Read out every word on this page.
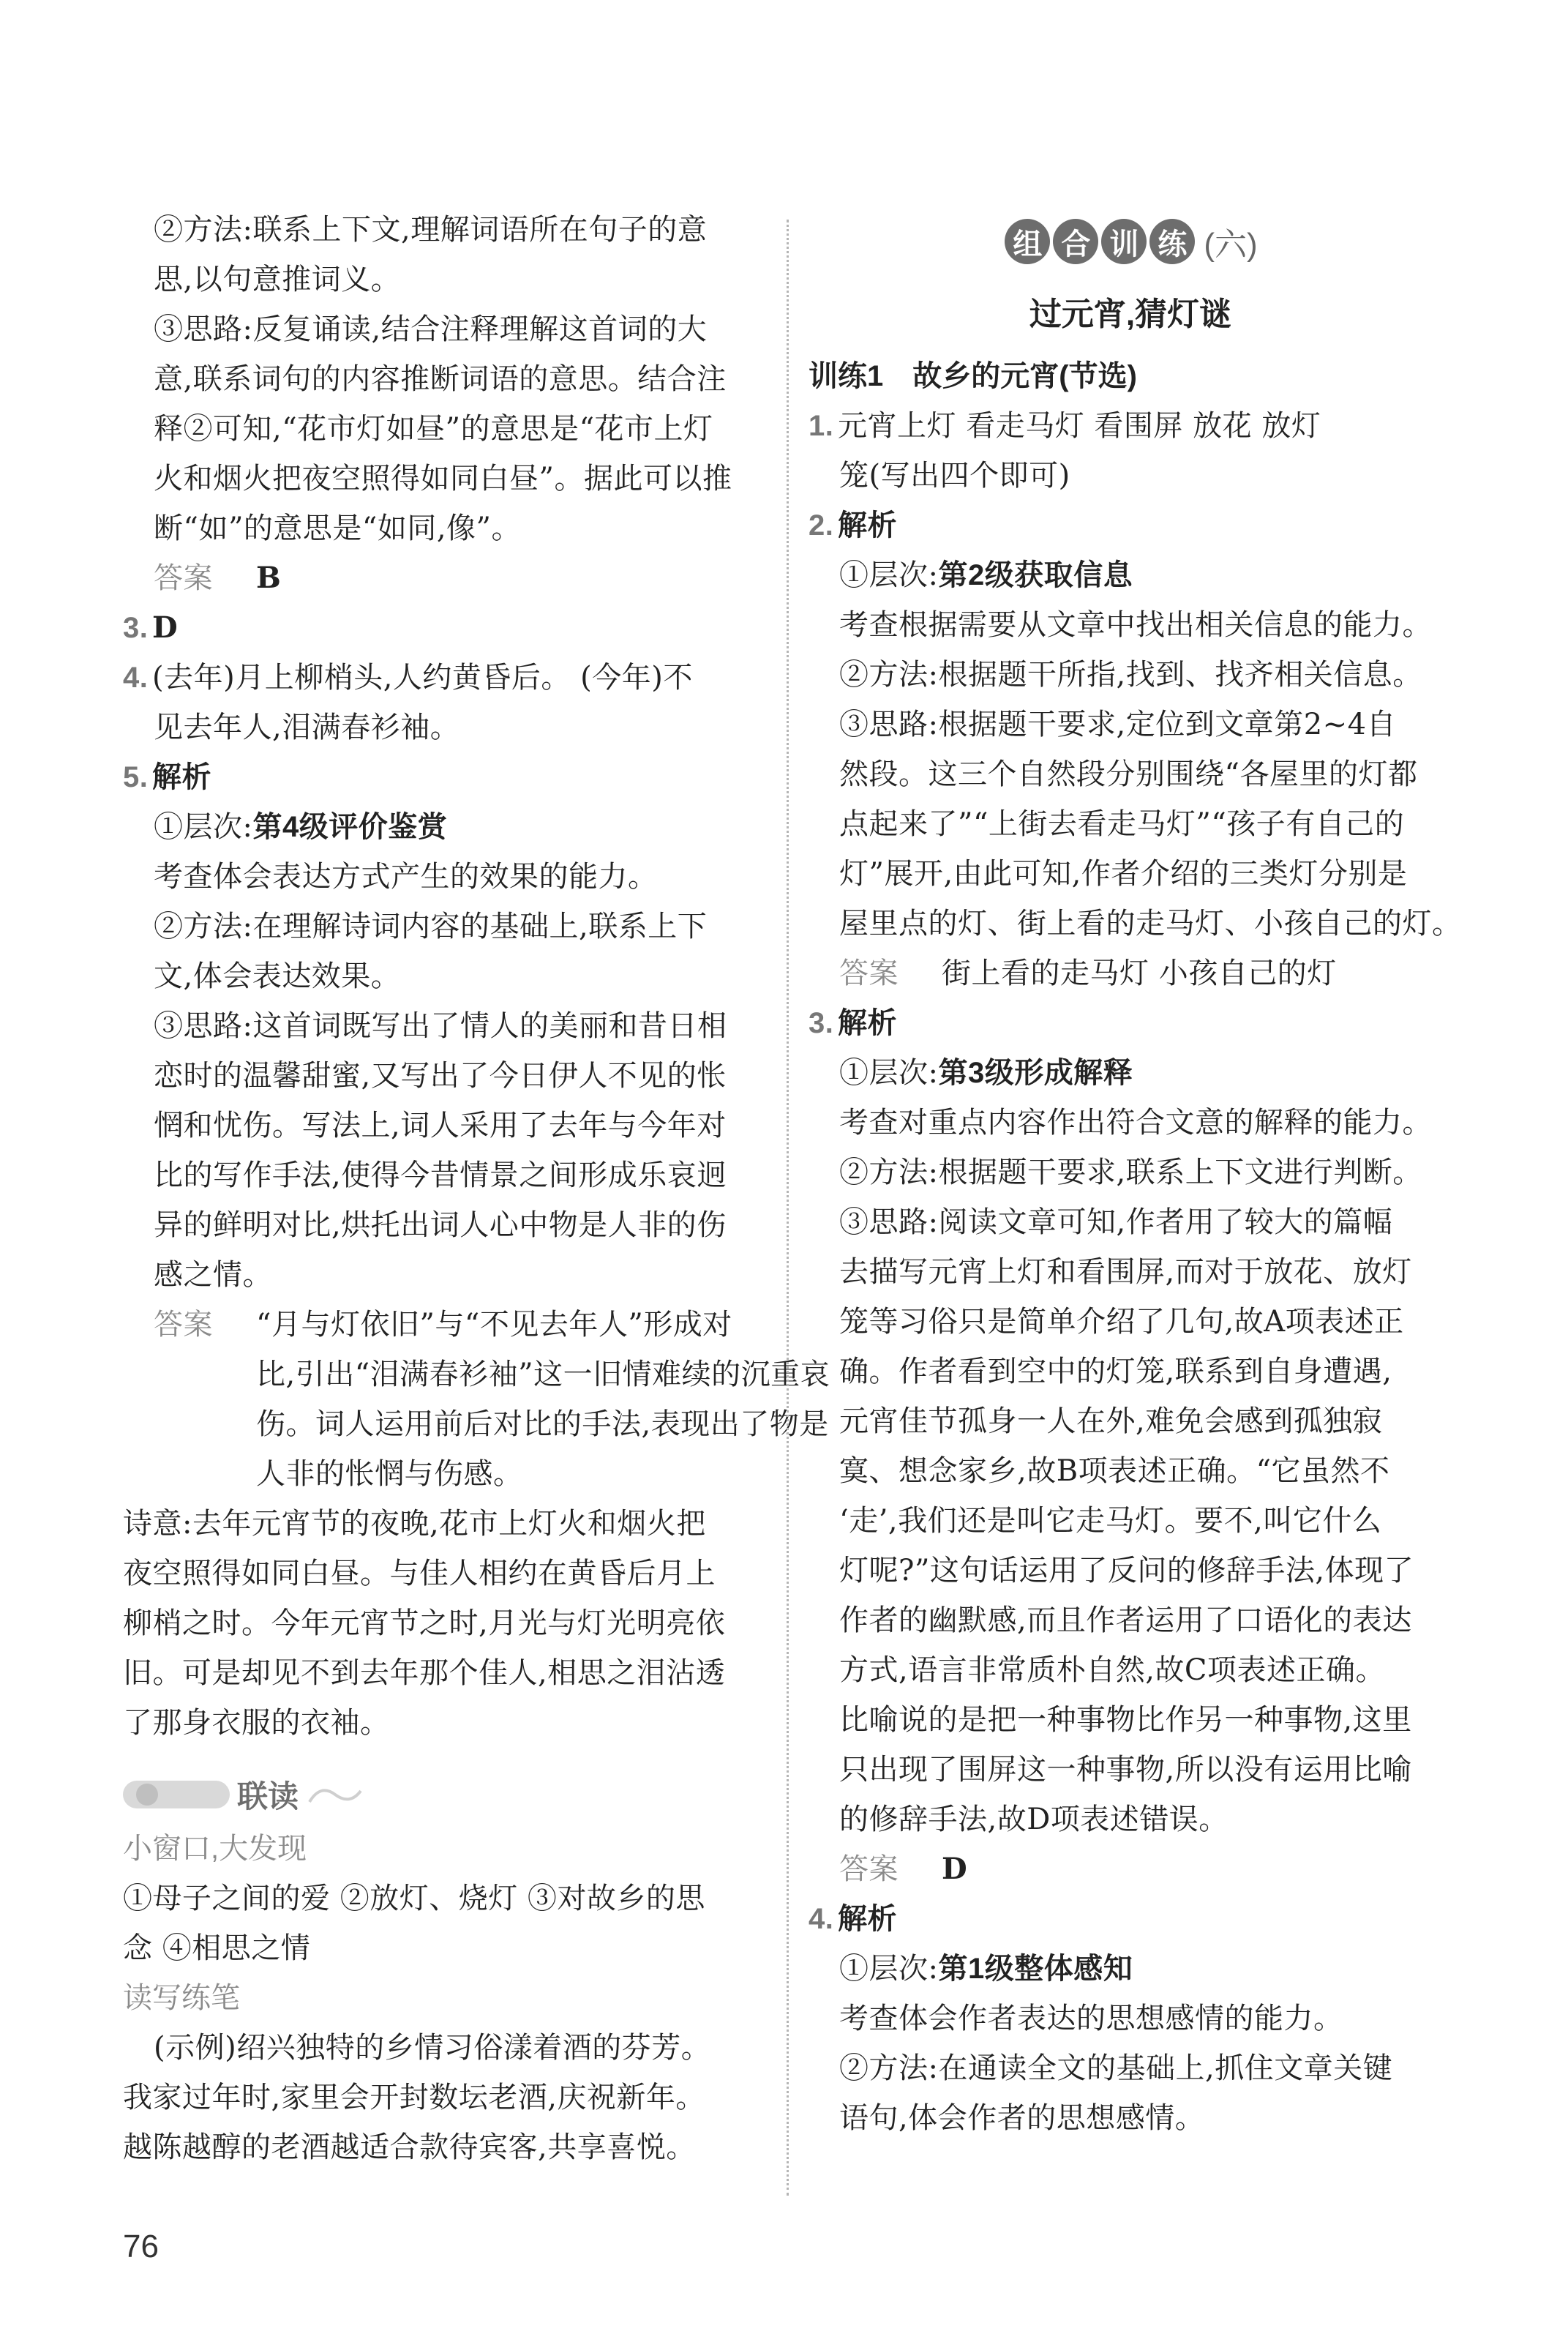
②方法:联系上下文,理解词语所在句子的意

思,以句意推词义。

③思路:反复诵读,结合注释理解这首词的大

意,联系词句的内容推断词语的意思。结合注

释②可知,“花市灯如昼”的意思是“花市上灯

火和烟火把夜空照得如同白昼”。据此可以推

断“如”的意思是“如同,像”。

答案 B

3. D

4. (去年)月上柳梢头,人约黄昏后。 (今年)不

见去年人,泪满春衫袖。

5. 解析

①层次:第4级评价鉴赏

考查体会表达方式产生的效果的能力。

②方法:在理解诗词内容的基础上,联系上下

文,体会表达效果。

③思路:这首词既写出了情人的美丽和昔日相

恋时的温馨甜蜜,又写出了今日伊人不见的怅

惘和忧伤。写法上,词人采用了去年与今年对

比的写作手法,使得今昔情景之间形成乐哀迥

异的鲜明对比,烘托出词人心中物是人非的伤

感之情。

答案 “月与灯依旧”与“不见去年人”形成对

比,引出“泪满春衫袖”这一旧情难续的沉重哀

伤。词人运用前后对比的手法,表现出了物是

人非的怅惘与伤感。

诗意:去年元宵节的夜晚,花市上灯火和烟火把

夜空照得如同白昼。与佳人相约在黄昏后月上

柳梢之时。今年元宵节之时,月光与灯光明亮依

旧。可是却见不到去年那个佳人,相思之泪沾透

了那身衣服的衣袖。

联读

小窗口,大发现

①母子之间的爱 ②放灯、烧灯 ③对故乡的思

念 ④相思之情

读写练笔

(示例)绍兴独特的乡情习俗漾着酒的芬芳。

我家过年时,家里会开封数坛老酒,庆祝新年。

越陈越醇的老酒越适合款待宾客,共享喜悦。

组 合 训 练 (六)

过元宵,猜灯谜

训练1 故乡的元宵(节选)

1. 元宵上灯 看走马灯 看围屏 放花 放灯

笼(写出四个即可)

2. 解析

①层次:第2级获取信息

考查根据需要从文章中找出相关信息的能力。

②方法:根据题干所指,找到、找齐相关信息。

③思路:根据题干要求,定位到文章第2~4自

然段。这三个自然段分别围绕“各屋里的灯都

点起来了”“上街去看走马灯”“孩子有自己的

灯”展开,由此可知,作者介绍的三类灯分别是

屋里点的灯、街上看的走马灯、小孩自己的灯。

答案 街上看的走马灯 小孩自己的灯

3. 解析

①层次:第3级形成解释

考查对重点内容作出符合文意的解释的能力。

②方法:根据题干要求,联系上下文进行判断。

③思路:阅读文章可知,作者用了较大的篇幅

去描写元宵上灯和看围屏,而对于放花、放灯

笼等习俗只是简单介绍了几句,故A项表述正

确。作者看到空中的灯笼,联系到自身遭遇,

元宵佳节孤身一人在外,难免会感到孤独寂

寞、想念家乡,故B项表述正确。“它虽然不

‘走’,我们还是叫它走马灯。要不,叫它什么

灯呢?”这句话运用了反问的修辞手法,体现了

作者的幽默感,而且作者运用了口语化的表达

方式,语言非常质朴自然,故C项表述正确。

比喻说的是把一种事物比作另一种事物,这里

只出现了围屏这一种事物,所以没有运用比喻

的修辞手法,故D项表述错误。

答案 D

4. 解析

①层次:第1级整体感知

考查体会作者表达的思想感情的能力。

②方法:在通读全文的基础上,抓住文章关键

语句,体会作者的思想感情。

76
